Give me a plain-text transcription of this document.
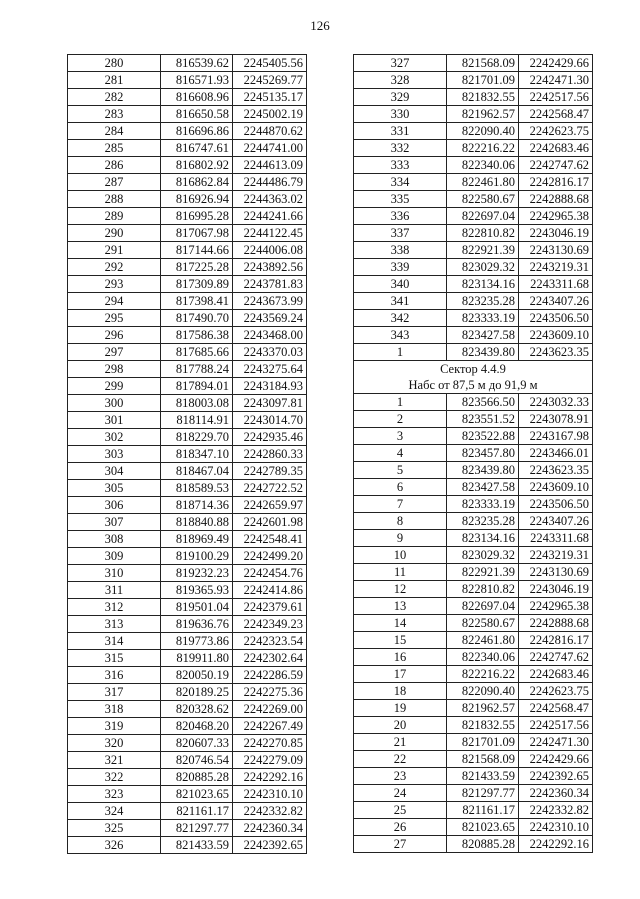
126
280	816539.62	2245405.56
281	816571.93	2245269.77
282	816608.96	2245135.17
283	816650.58	2245002.19
284	816696.86	2244870.62
285	816747.61	2244741.00
286	816802.92	2244613.09
287	816862.84	2244486.79
288	816926.94	2244363.02
289	816995.28	2244241.66
290	817067.98	2244122.45
291	817144.66	2244006.08
292	817225.28	2243892.56
293	817309.89	2243781.83
294	817398.41	2243673.99
295	817490.70	2243569.24
296	817586.38	2243468.00
297	817685.66	2243370.03
298	817788.24	2243275.64
299	817894.01	2243184.93
300	818003.08	2243097.81
301	818114.91	2243014.70
302	818229.70	2242935.46
303	818347.10	2242860.33
304	818467.04	2242789.35
305	818589.53	2242722.52
306	818714.36	2242659.97
307	818840.88	2242601.98
308	818969.49	2242548.41
309	819100.29	2242499.20
310	819232.23	2242454.76
311	819365.93	2242414.86
312	819501.04	2242379.61
313	819636.76	2242349.23
314	819773.86	2242323.54
315	819911.80	2242302.64
316	820050.19	2242286.59
317	820189.25	2242275.36
318	820328.62	2242269.00
319	820468.20	2242267.49
320	820607.33	2242270.85
321	820746.54	2242279.09
322	820885.28	2242292.16
323	821023.65	2242310.10
324	821161.17	2242332.82
325	821297.77	2242360.34
326	821433.59	2242392.65
327	821568.09	2242429.66
328	821701.09	2242471.30
329	821832.55	2242517.56
330	821962.57	2242568.47
331	822090.40	2242623.75
332	822216.22	2242683.46
333	822340.06	2242747.62
334	822461.80	2242816.17
335	822580.67	2242888.68
336	822697.04	2242965.38
337	822810.82	2243046.19
338	822921.39	2243130.69
339	823029.32	2243219.31
340	823134.16	2243311.68
341	823235.28	2243407.26
342	823333.19	2243506.50
343	823427.58	2243609.10
1	823439.80	2243623.35
Сектор 4.4.9		
Набс от 87,5 м до 91,9 м		
1	823566.50	2243032.33
2	823551.52	2243078.91
3	823522.88	2243167.98
4	823457.80	2243466.01
5	823439.80	2243623.35
6	823427.58	2243609.10
7	823333.19	2243506.50
8	823235.28	2243407.26
9	823134.16	2243311.68
10	823029.32	2243219.31
11	822921.39	2243130.69
12	822810.82	2243046.19
13	822697.04	2242965.38
14	822580.67	2242888.68
15	822461.80	2242816.17
16	822340.06	2242747.62
17	822216.22	2242683.46
18	822090.40	2242623.75
19	821962.57	2242568.47
20	821832.55	2242517.56
21	821701.09	2242471.30
22	821568.09	2242429.66
23	821433.59	2242392.65
24	821297.77	2242360.34
25	821161.17	2242332.82
26	821023.65	2242310.10
27	820885.28	2242292.16
